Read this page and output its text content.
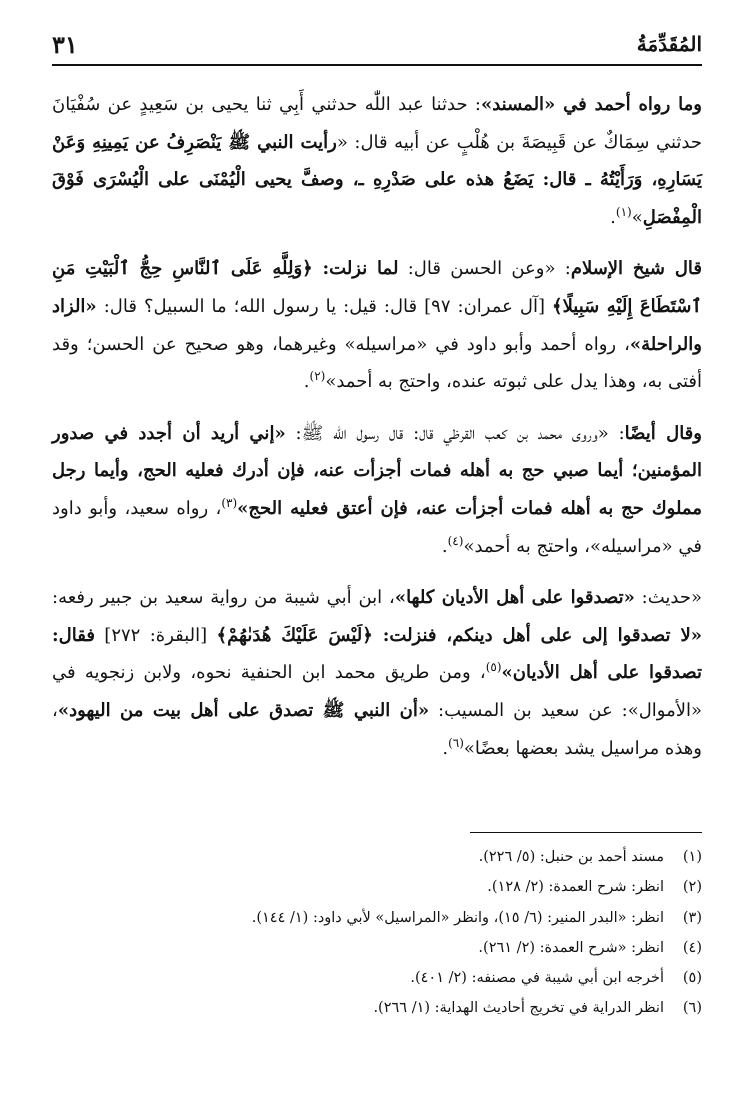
٣١	المُقَدِّمَةُ

وما رواه أحمد في «المسند»: حدثنا عبد اللّٰه حدثني أَبِي ثنا يحيى بن سَعِيدٍ عن سُفْيَانَ حدثني سِمَاكٌ عن قَبِيصَةَ بن هُلْبٍ عن أبيه قال: «رأيت النبي ﷺ يَنْصَرِفُ عن يَمِينِهِ وَعَنْ يَسَارِهِ، وَرَأَيْتُهُ ـ قال: يَضَعُ هذه على صَدْرِهِ ـ، وصفَّ يحيى الْيُمْنَى على الْيُسْرَى فَوْقَ الْمِفْصَلِ»$^{(١)}$.

قال شيخ الإسلام: «وعن الحسن قال: لما نزلت: ﴿وَلِلَّهِ عَلَى ٱلنَّاسِ حِجُّ ٱلْبَيْتِ مَنِ ٱسْتَطَاعَ إِلَيْهِ سَبِيلًا﴾ [آل عمران: ٩٧] قال: قيل: يا رسول الله؛ ما السبيل؟ قال: «الزاد والراحلة»، رواه أحمد وأبو داود في «مراسيله» وغيرهما، وهو صحيح عن الحسن؛ وقد أفتى به، وهذا يدل على ثبوته عنده، واحتج به أحمد»$^{(٢)}$.

وقال أيضًا: «وروى محمد بن كعب القرظي قال: قال رسول الله ﷺ: «إني أريد أن أجدد في صدور المؤمنين؛ أيما صبي حج به أهله فمات أجزأت عنه، فإن أدرك فعليه الحج، وأيما رجل مملوك حج به أهله فمات أجزأت عنه، فإن أعتق فعليه الحج»$^{(٣)}$، رواه سعيد، وأبو داود في «مراسيله»، واحتج به أحمد»$^{(٤)}$.

«حديث: «تصدقوا على أهل الأديان كلها»، ابن أبي شيبة من رواية سعيد بن جبير رفعه: «لا تصدقوا إلى على أهل دينكم، فنزلت: ﴿لَيْسَ عَلَيْكَ هُدَىٰهُمْ﴾ [البقرة: ٢٧٢] فقال: تصدقوا على أهل الأديان»$^{(٥)}$، ومن طريق محمد ابن الحنفية نحوه، ولابن زنجويه في «الأموال»: عن سعيد بن المسيب: «أن النبي ﷺ تصدق على أهل بيت من اليهود»، وهذه مراسيل يشد بعضها بعضًا»$^{(٦)}$.

(١)
مسند أحمد بن حنبل: (٥/ ٢٢٦).
(٢)
انظر: شرح العمدة: (٢/ ١٢٨).
(٣)
انظر: «البدر المنير: (٦/ ١٥)، وانظر «المراسيل» لأبي داود: (١/ ١٤٤).
(٤)
انظر: «شرح العمدة: (٢/ ٢٦١).
(٥)
أخرجه ابن أبي شيبة في مصنفه: (٢/ ٤٠١).
(٦)
انظر الدراية في تخريج أحاديث الهداية: (١/ ٢٦٦).
